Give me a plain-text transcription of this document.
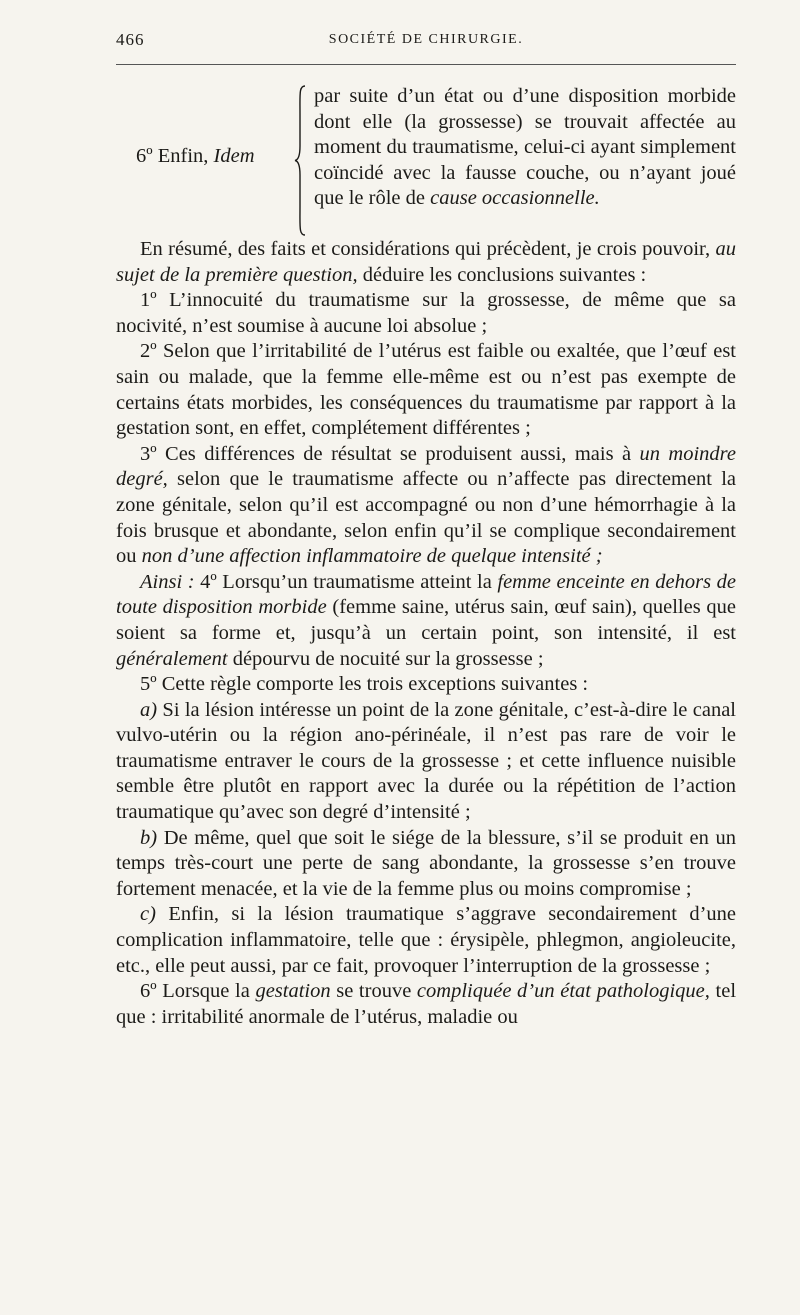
466	SOCIÉTÉ DE CHIRURGIE.
6º Enfin, Idem

par suite d’un état ou d’une disposition morbide dont elle (la grossesse) se trouvait affectée au moment du traumatisme, celui-ci ayant simplement coïncidé avec la fausse couche, ou n’ayant joué que le rôle de cause occasionnelle.

En résumé, des faits et considérations qui précèdent, je crois pouvoir, au sujet de la première question, déduire les conclusions suivantes :

1º L’innocuité du traumatisme sur la grossesse, de même que sa nocivité, n’est soumise à aucune loi absolue ;

2º Selon que l’irritabilité de l’utérus est faible ou exaltée, que l’œuf est sain ou malade, que la femme elle-même est ou n’est pas exempte de certains états morbides, les conséquences du traumatisme par rapport à la gestation sont, en effet, complétement différentes ;

3º Ces différences de résultat se produisent aussi, mais à un moindre degré, selon que le traumatisme affecte ou n’affecte pas directement la zone génitale, selon qu’il est accompagné ou non d’une hémorrhagie à la fois brusque et abondante, selon enfin qu’il se complique secondairement ou non d’une affection inflammatoire de quelque intensité ;

Ainsi : 4º Lorsqu’un traumatisme atteint la femme enceinte en dehors de toute disposition morbide (femme saine, utérus sain, œuf sain), quelles que soient sa forme et, jusqu’à un certain point, son intensité, il est généralement dépourvu de nocuité sur la grossesse ;

5º Cette règle comporte les trois exceptions suivantes :

a) Si la lésion intéresse un point de la zone génitale, c’est-à-dire le canal vulvo-utérin ou la région ano-périnéale, il n’est pas rare de voir le traumatisme entraver le cours de la grossesse ; et cette influence nuisible semble être plutôt en rapport avec la durée ou la répétition de l’action traumatique qu’avec son degré d’intensité ;

b) De même, quel que soit le siége de la blessure, s’il se produit en un temps très-court une perte de sang abondante, la grossesse s’en trouve fortement menacée, et la vie de la femme plus ou moins compromise ;

c) Enfin, si la lésion traumatique s’aggrave secondairement d’une complication inflammatoire, telle que : érysipèle, phlegmon, angioleucite, etc., elle peut aussi, par ce fait, provoquer l’interruption de la grossesse ;

6º Lorsque la gestation se trouve compliquée d’un état pathologique, tel que : irritabilité anormale de l’utérus, maladie ou
